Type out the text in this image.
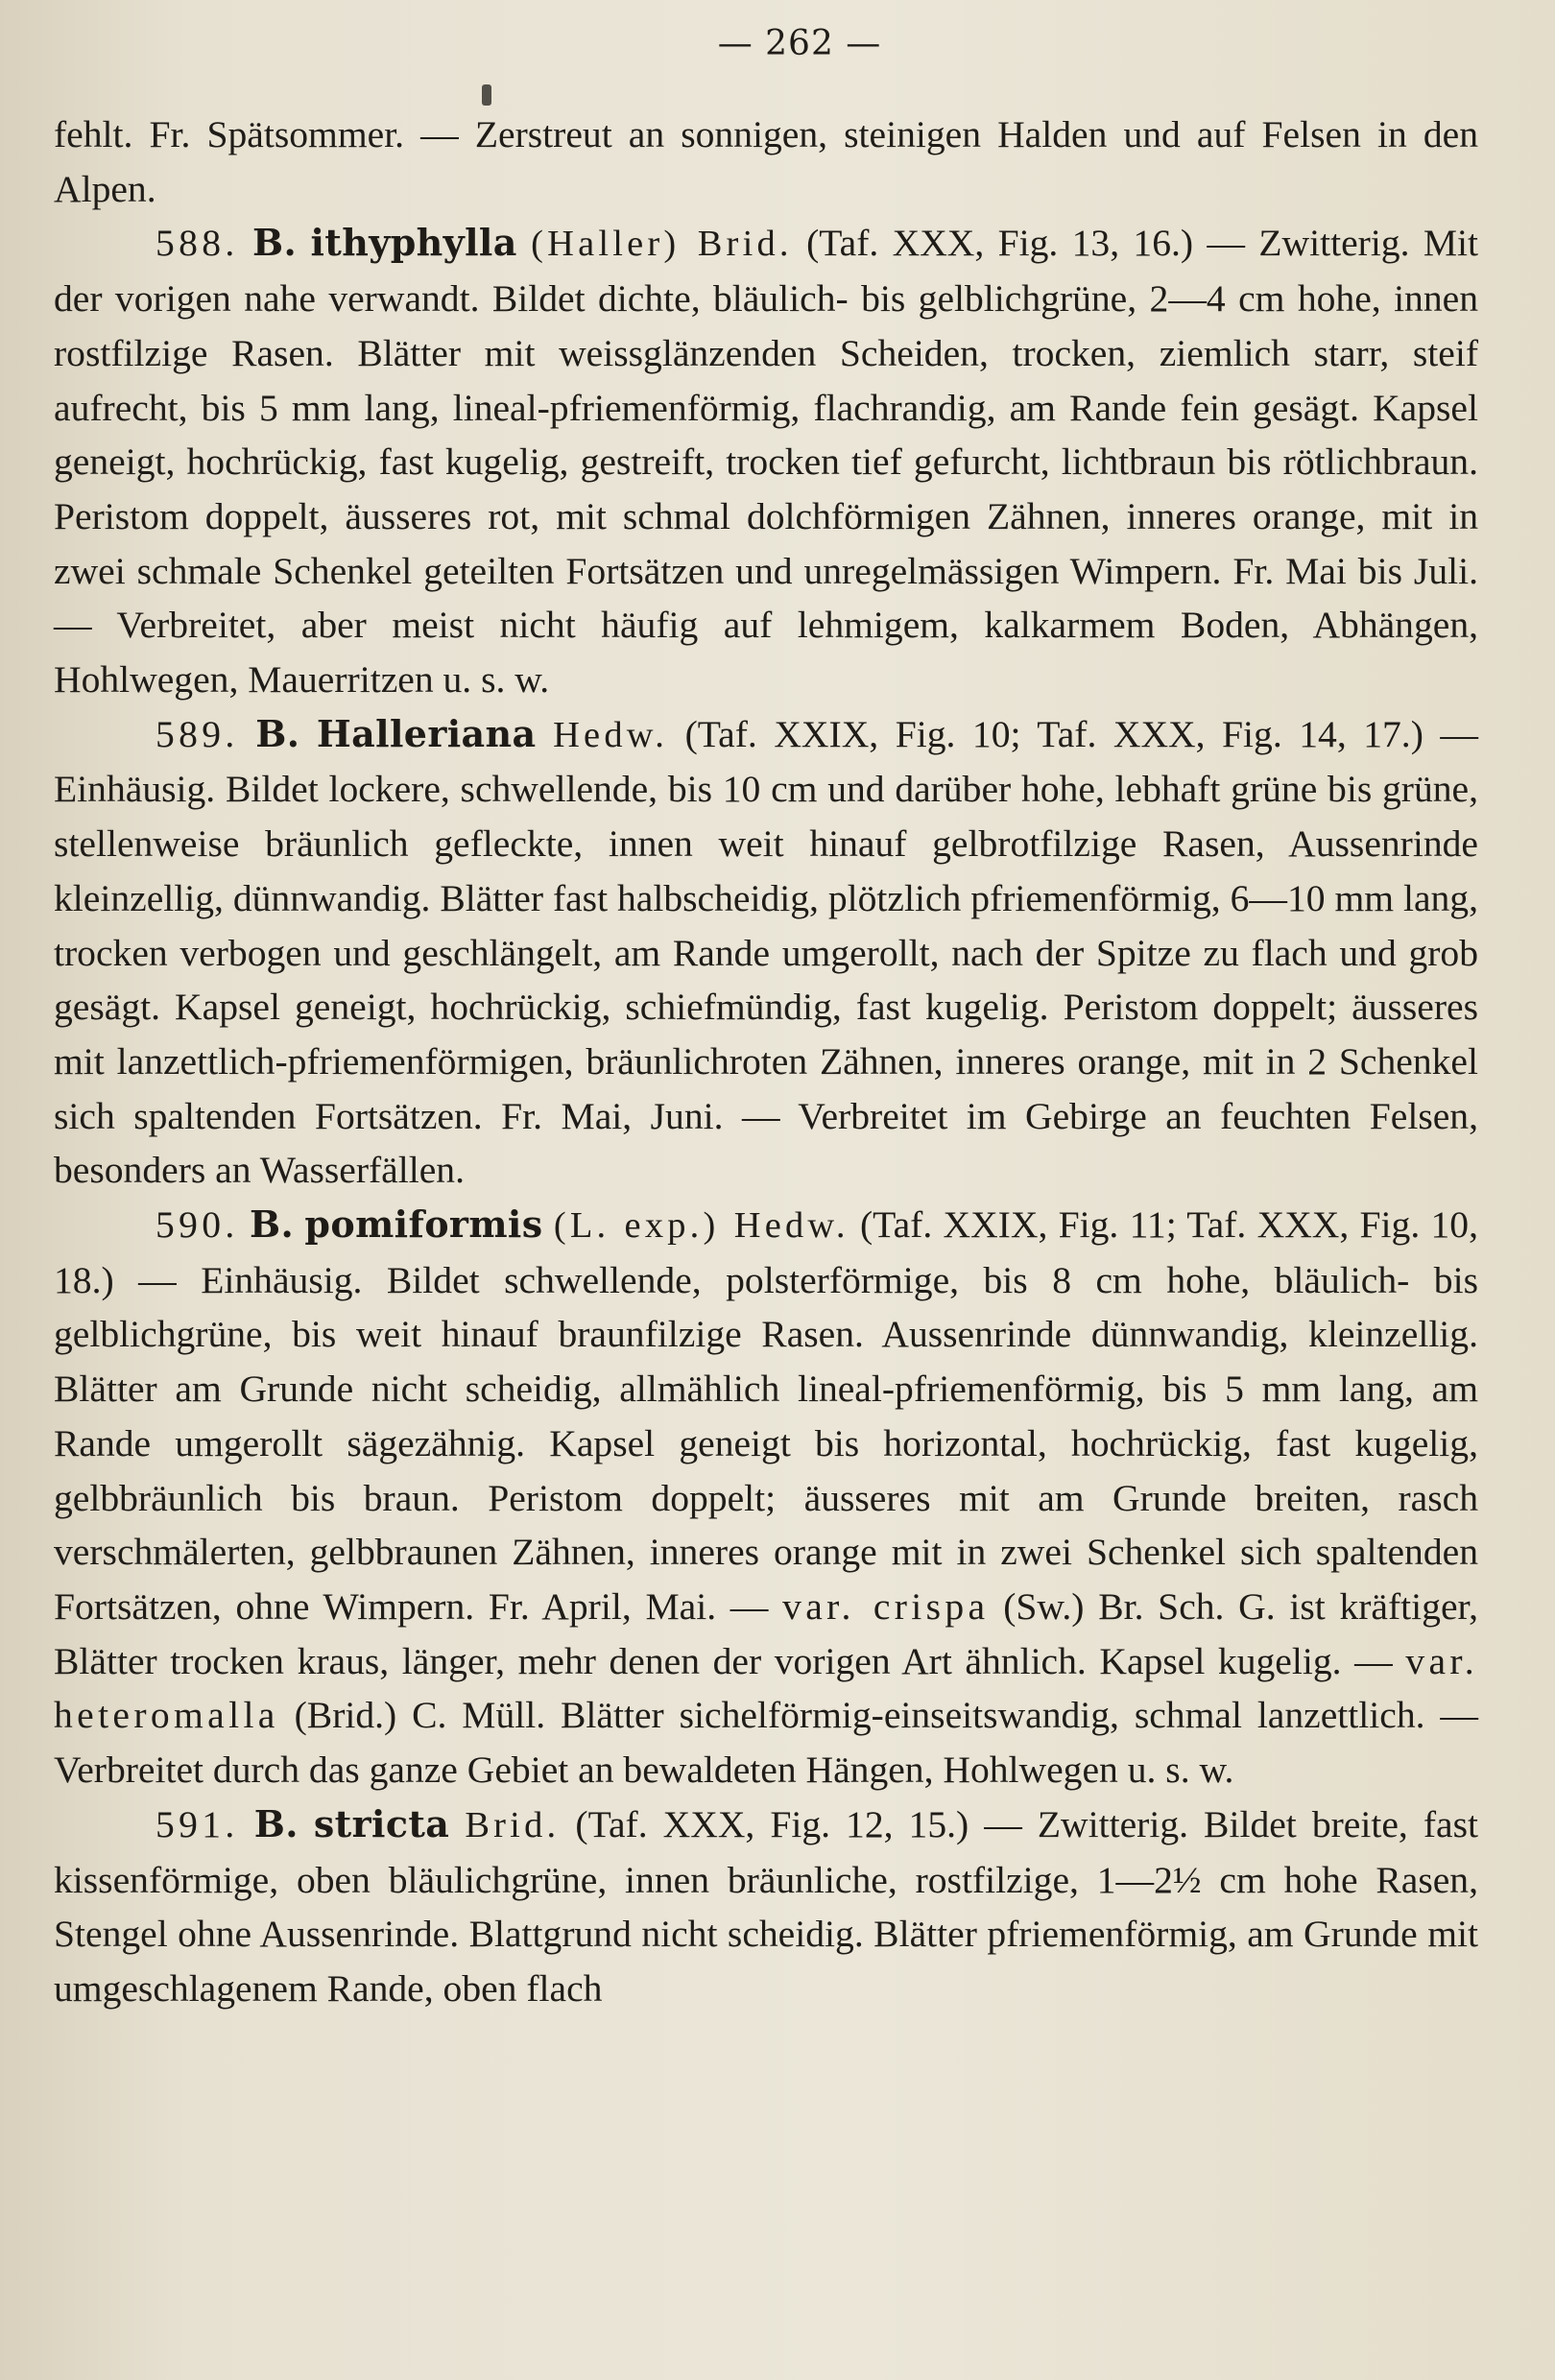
— 262 —

fehlt. Fr. Spätsommer. — Zerstreut an sonnigen, steinigen Halden und auf Felsen in den Alpen.

588. B. ithyphylla (Haller) Brid. (Taf. XXX, Fig. 13, 16.) — Zwitterig. Mit der vorigen nahe verwandt. Bildet dichte, bläulich- bis gelblichgrüne, 2—4 cm hohe, innen rostfilzige Rasen. Blätter mit weissglänzenden Scheiden, trocken, ziemlich starr, steif aufrecht, bis 5 mm lang, lineal-pfriemenförmig, flachrandig, am Rande fein gesägt. Kapsel geneigt, hochrückig, fast kugelig, gestreift, trocken tief gefurcht, lichtbraun bis rötlichbraun. Peristom doppelt, äusseres rot, mit schmal dolchförmigen Zähnen, inneres orange, mit in zwei schmale Schenkel geteilten Fortsätzen und unregelmässigen Wimpern. Fr. Mai bis Juli. — Verbreitet, aber meist nicht häufig auf lehmigem, kalkarmem Boden, Abhängen, Hohlwegen, Mauerritzen u. s. w.

589. B. Halleriana Hedw. (Taf. XXIX, Fig. 10; Taf. XXX, Fig. 14, 17.) — Einhäusig. Bildet lockere, schwellende, bis 10 cm und darüber hohe, lebhaft grüne bis grüne, stellenweise bräunlich gefleckte, innen weit hinauf gelbrotfilzige Rasen, Aussenrinde kleinzellig, dünnwandig. Blätter fast halbscheidig, plötzlich pfriemenförmig, 6—10 mm lang, trocken verbogen und geschlängelt, am Rande umgerollt, nach der Spitze zu flach und grob gesägt. Kapsel geneigt, hochrückig, schiefmündig, fast kugelig. Peristom doppelt; äusseres mit lanzettlich-pfriemenförmigen, bräunlichroten Zähnen, inneres orange, mit in 2 Schenkel sich spaltenden Fortsätzen. Fr. Mai, Juni. — Verbreitet im Gebirge an feuchten Felsen, besonders an Wasserfällen.

590. B. pomiformis (L. exp.) Hedw. (Taf. XXIX, Fig. 11; Taf. XXX, Fig. 10, 18.) — Einhäusig. Bildet schwellende, polsterförmige, bis 8 cm hohe, bläulich- bis gelblichgrüne, bis weit hinauf braunfilzige Rasen. Aussenrinde dünnwandig, kleinzellig. Blätter am Grunde nicht scheidig, allmählich lineal-pfriemenförmig, bis 5 mm lang, am Rande umgerollt sägezähnig. Kapsel geneigt bis horizontal, hochrückig, fast kugelig, gelbbräunlich bis braun. Peristom doppelt; äusseres mit am Grunde breiten, rasch verschmälerten, gelbbraunen Zähnen, inneres orange mit in zwei Schenkel sich spaltenden Fortsätzen, ohne Wimpern. Fr. April, Mai. — var. crispa (Sw.) Br. Sch. G. ist kräftiger, Blätter trocken kraus, länger, mehr denen der vorigen Art ähnlich. Kapsel kugelig. — var. heteromalla (Brid.) C. Müll. Blätter sichelförmig-einseitswandig, schmal lanzettlich. — Verbreitet durch das ganze Gebiet an bewaldeten Hängen, Hohlwegen u. s. w.

591. B. stricta Brid. (Taf. XXX, Fig. 12, 15.) — Zwitterig. Bildet breite, fast kissenförmige, oben bläulichgrüne, innen bräunliche, rostfilzige, 1—2½ cm hohe Rasen, Stengel ohne Aussenrinde. Blattgrund nicht scheidig. Blätter pfriemenförmig, am Grunde mit umgeschlagenem Rande, oben flach
